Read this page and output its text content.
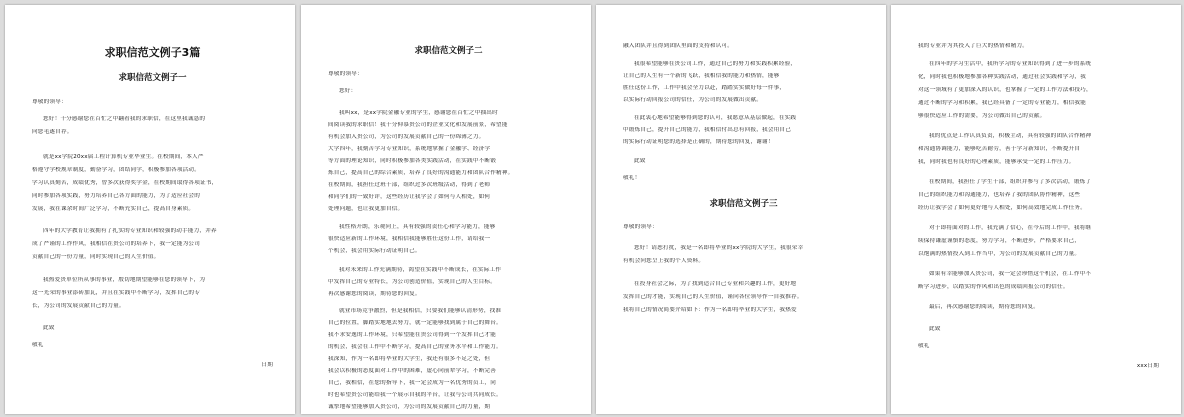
求职信范文例子3篇
求职信范文例子一
尊敬的领导：
您好！十分感谢您在百忙之中翻看我的求职信，在这里我诚恳的
向您毛遂自荐。
就是xx学院20xx届工程计算机专业毕业生。在校期间，本人严
格遵守学校规章制度，勤奋学习，团结同学，积极参加各项活动。
学习认真刻苦，成绩优秀，曾多次获得奖学金，在校期间取得各项证书，
同时参加各项实践，努力培养自己各方面的能力，为了适应社会的
发展，我在课余时间广泛学习，不断充实自己，提高自身素质。
四年的大学教育让我拥有了扎实的专业知识和较强的动手能力，并养
成了严谨的工作作风，我相信在贵公司的培养下，我一定能为公司
贡献自己的一份力量，同时实现自己的人生价值。
我热爱贵单位所从事的事业，殷切地期望能够在您的领导下，为
这一光荣的事业添砖加瓦，并且在实践中不断学习，发挥自己的专
长，为公司的发展贡献自己的力量。
此致
敬礼
日期
求职信范文例子二
尊敬的领导：
您好：
我叫xx，是xx学院金融专业的学生，感谢您在百忙之中抽出时
间阅读我的求职信！我十分仰慕贵公司的企业文化和发展前景，希望能
有机会加入贵公司，为公司的发展贡献自己的一份绵薄之力。
大学四年，我刻苦学习专业知识，系统地掌握了金融学、经济学
等方面的理论知识，同时积极参加各类实践活动，在实践中不断锻
炼自己，提高自己的综合素质，培养了良好的沟通能力和团队合作精神。
在校期间，我担任过班干部，组织过多次班级活动，得到了老师
和同学们的一致好评，这些经历让我学会了如何与人相处，如何
处理问题，也让我更加自信。
我性格开朗，乐观向上，具有较强的责任心和学习能力，能够
很快适应新的工作环境，我相信我能够胜任这份工作，请给我一
个机会，我会用实际行动证明自己。
我对未来的工作充满期待，渴望在实践中不断成长，在实际工作
中发挥自己的专业特长，为公司创造价值，实现自己的人生目标。
再次感谢您的阅读，期待您的回复。
就业市场竞争激烈，但是我相信，只要我们能够认清形势，找准
自己的位置，脚踏实地地去努力，就一定能够找到属于自己的舞台。
我不求安逸的工作环境，只希望能在贵公司得到一个发挥自己才能
的机会，我会在工作中不断学习，提高自己的业务水平和工作能力。
我深知，作为一名即将毕业的大学生，我还有很多不足之处，但
我会以积极的态度面对工作中的困难，虚心向前辈学习，不断完善
自己，我相信，在您的指导下，我一定会成为一名优秀的员工，同
时也希望贵公司能给我一个展示自我的平台，让我与公司共同成长。
诚挚地希望能够加入贵公司，为公司的发展贡献自己的力量，期
融入团队并且得到团队里面的支持和认可。
我很希望能够在贵公司工作，通过自己的努力和实践积累经验，
让自己的人生有一个新的飞跃，我相信我的能力和热情，能够
胜任这份工作，工作中我会全力以赴，踏踏实实做好每一件事，
以实际行动回报公司的信任，为公司的发展做出贡献。
在此衷心地希望能够得到您的认可，我愿意从基层做起，在实践
中锻炼自己，提升自己的能力，我相信付出总有回报，我会用自己
的实际行动证明您的选择是正确的，期待您的回复，谢谢！
此致
敬礼！
求职信范文例子三
尊敬的领导：
您好！请恕打扰，我是一名即将毕业的xx学院的大学生，我很荣幸
有机会向您呈上我的个人资料。
在投身社会之际，为了找到适合自己专业和兴趣的工作，更好地
发挥自己的才能，实现自己的人生价值，谨向各位领导作一自我推荐。
我将自己的情况简要介绍如下：作为一名即将毕业的大学生，我热爱
我的专业并为其投入了巨大的热情和精力。
在四年的学习生活中，我所学习的专业知识得到了进一步的系统
化，同时我也积极地参加各种实践活动，通过社会实践和学习，我
对这一领域有了更加深入的认识，也掌握了一定的工作方法和技巧，
通过不断的学习和积累，我已经具备了一定的专业能力，相信我能
够很快适应工作的需要，为公司做出自己的贡献。
我的优点是工作认真负责，积极主动，具有较强的团队合作精神
和沟通协调能力，能够吃苦耐劳，善于学习新知识，不断提升自
我，同时我也有良好的心理素质，能够承受一定的工作压力。
在校期间，我担任了学生干部，组织并参与了多次活动，锻炼了
自己的组织能力和沟通能力，也培养了我的团队协作精神，这些
经历让我学会了如何更好地与人相处，如何高效地完成工作任务。
对于即将面对的工作，我充满了信心，在今后的工作中，我将继
续保持谦虚谨慎的态度，努力学习，不断进步，严格要求自己，
以饱满的热情投入到工作当中，为公司的发展贡献自己的力量。
如果有幸能够加入贵公司，我一定会珍惜这个机会，在工作中不
断学习进步，以踏实的作风和出色的成绩回报公司的信任。
最后，再次感谢您的阅读，期待您的回复。
此致
敬礼
xxx日期
